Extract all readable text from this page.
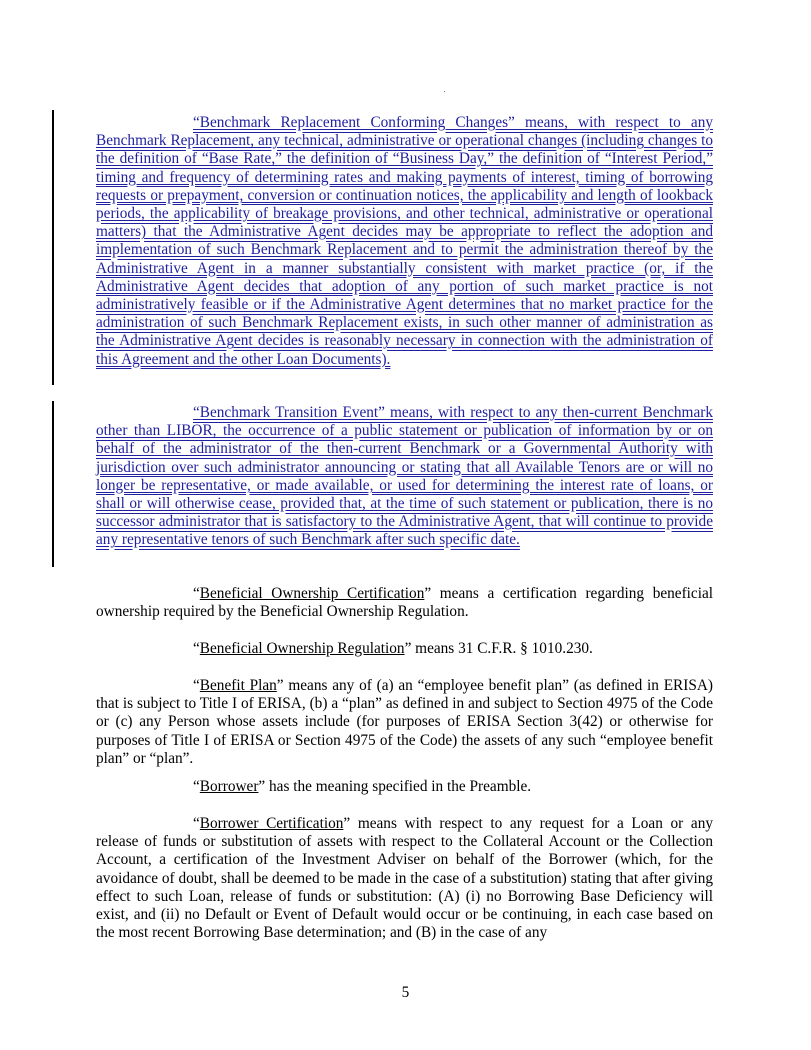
“Benchmark Replacement Conforming Changes” means, with respect to any Benchmark Replacement, any technical, administrative or operational changes (including changes to the definition of “Base Rate,” the definition of “Business Day,” the definition of “Interest Period,” timing and frequency of determining rates and making payments of interest, timing of borrowing requests or prepayment, conversion or continuation notices, the applicability and length of lookback periods, the applicability of breakage provisions, and other technical, administrative or operational matters) that the Administrative Agent decides may be appropriate to reflect the adoption and implementation of such Benchmark Replacement and to permit the administration thereof by the Administrative Agent in a manner substantially consistent with market practice (or, if the Administrative Agent decides that adoption of any portion of such market practice is not administratively feasible or if the Administrative Agent determines that no market practice for the administration of such Benchmark Replacement exists, in such other manner of administration as the Administrative Agent decides is reasonably necessary in connection with the administration of this Agreement and the other Loan Documents).

“Benchmark Transition Event” means, with respect to any then-current Benchmark other than LIBOR, the occurrence of a public statement or publication of information by or on behalf of the administrator of the then-current Benchmark or a Governmental Authority with jurisdiction over such administrator announcing or stating that all Available Tenors are or will no longer be representative, or made available, or used for determining the interest rate of loans, or shall or will otherwise cease, provided that, at the time of such statement or publication, there is no successor administrator that is satisfactory to the Administrative Agent, that will continue to provide any representative tenors of such Benchmark after such specific date.

“Beneficial Ownership Certification” means a certification regarding beneficial ownership required by the Beneficial Ownership Regulation.

“Beneficial Ownership Regulation” means 31 C.F.R. § 1010.230.

“Benefit Plan” means any of (a) an “employee benefit plan” (as defined in ERISA) that is subject to Title I of ERISA, (b) a “plan” as defined in and subject to Section 4975 of the Code or (c) any Person whose assets include (for purposes of ERISA Section 3(42) or otherwise for purposes of Title I of ERISA or Section 4975 of the Code) the assets of any such “employee benefit plan” or “plan”.

“Borrower” has the meaning specified in the Preamble.

“Borrower Certification” means with respect to any request for a Loan or any release of funds or substitution of assets with respect to the Collateral Account or the Collection Account, a certification of the Investment Adviser on behalf of the Borrower (which, for the avoidance of doubt, shall be deemed to be made in the case of a substitution) stating that after giving effect to such Loan, release of funds or substitution: (A) (i) no Borrowing Base Deficiency will exist, and (ii) no Default or Event of Default would occur or be continuing, in each case based on the most recent Borrowing Base determination; and (B) in the case of any

5
